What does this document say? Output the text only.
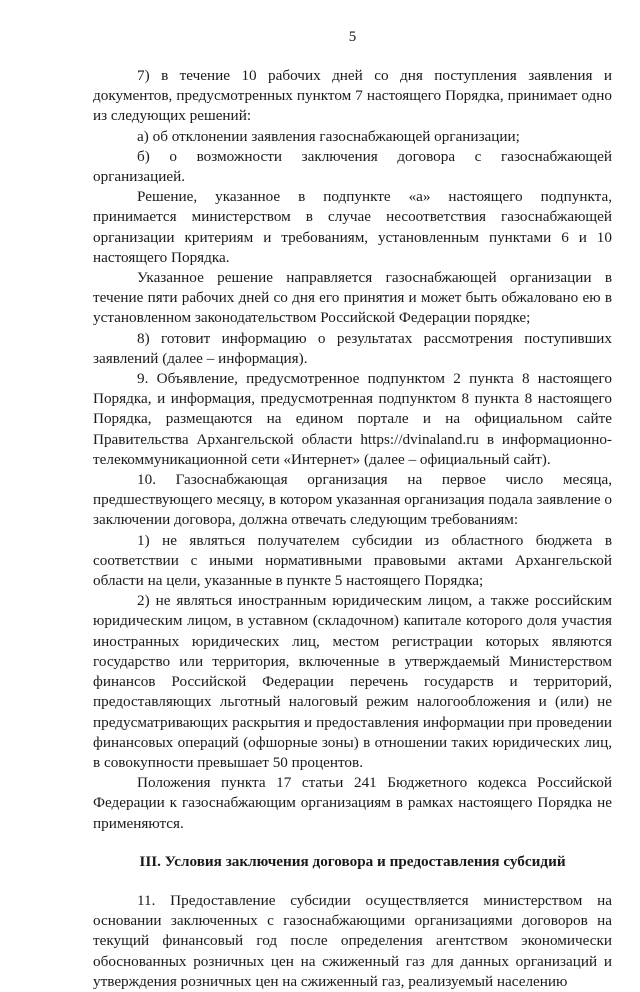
5

7) в течение 10 рабочих дней со дня поступления заявления и документов, предусмотренных пунктом 7 настоящего Порядка, принимает одно из следующих решений:

а) об отклонении заявления газоснабжающей организации;

б) о возможности заключения договора с газоснабжающей организацией.

Решение, указанное в подпункте «а» настоящего подпункта, принимается министерством в случае несоответствия газоснабжающей организации критериям и требованиям, установленным пунктами 6 и 10 настоящего Порядка.

Указанное решение направляется газоснабжающей организации в течение пяти рабочих дней со дня его принятия и может быть обжаловано ею в установленном законодательством Российской Федерации порядке;

8) готовит информацию о результатах рассмотрения поступивших заявлений (далее – информация).

9. Объявление, предусмотренное подпунктом 2 пункта 8 настоящего Порядка, и информация, предусмотренная подпунктом 8 пункта 8 настоящего Порядка, размещаются на едином портале и на официальном сайте Правительства Архангельской области https://dvinaland.ru в информационно-телекоммуникационной сети «Интернет» (далее – официальный сайт).

10. Газоснабжающая организация на первое число месяца, предшествующего месяцу, в котором указанная организация подала заявление о заключении договора, должна отвечать следующим требованиям:

1) не являться получателем субсидии из областного бюджета в соответствии с иными нормативными правовыми актами Архангельской области на цели, указанные в пункте 5 настоящего Порядка;

2) не являться иностранным юридическим лицом, а также российским юридическим лицом, в уставном (складочном) капитале которого доля участия иностранных юридических лиц, местом регистрации которых являются государство или территория, включенные в утверждаемый Министерством финансов Российской Федерации перечень государств и территорий, предоставляющих льготный налоговый режим налогообложения и (или) не предусматривающих раскрытия и предоставления информации при проведении финансовых операций (офшорные зоны) в отношении таких юридических лиц, в совокупности превышает 50 процентов.

Положения пункта 17 статьи 241 Бюджетного кодекса Российской Федерации к газоснабжающим организациям в рамках настоящего Порядка не применяются.

III. Условия заключения договора и предоставления субсидий

11. Предоставление субсидии осуществляется министерством на основании заключенных с газоснабжающими организациями договоров на текущий финансовый год после определения агентством экономически обоснованных розничных цен на сжиженный газ для данных организаций и утверждения розничных цен на сжиженный газ, реализуемый населению
